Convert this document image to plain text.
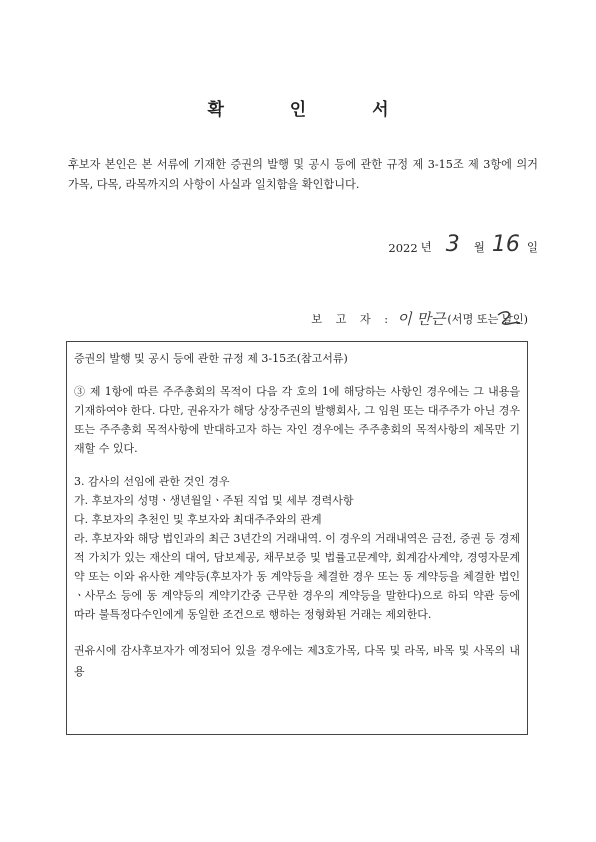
확 인 서

후보자 본인은 본 서류에 기재한 증권의 발행 및 공시 등에 관한 규정 제 3-15조 제 3항에 의거 가목, 다목, 라목까지의 사항이 사실과 일치함을 확인합니다.

2022 년 3	월 16 일
보 고 자 : 이 만근 (서명 또는 날인)

증권의 발행 및 공시 등에 관한 규정 제 3-15조(참고서류)

③ 제 1항에 따른 주주총회의 목적이 다음 각 호의 1에 해당하는 사항인 경우에는 그 내용을 기재하여야 한다. 다만, 권유자가 해당 상장주권의 발행회사, 그 임원 또는 대주주가 아닌 경우 또는 주주총회 목적사항에 반대하고자 하는 자인 경우에는 주주총회의 목적사항의 제목만 기재할 수 있다.

3. 감사의 선임에 관한 것인 경우

가. 후보자의 성명ㆍ생년월일ㆍ주된 직업 및 세부 경력사항

다. 후보자의 추천인 및 후보자와 최대주주와의 관계

라. 후보자와 해당 법인과의 최근 3년간의 거래내역. 이 경우의 거래내역은 금전, 증권 등 경제적 가치가 있는 재산의 대여, 담보제공, 채무보증 및 법률고문계약, 회계감사계약, 경영자문계약 또는 이와 유사한 계약등(후보자가 동 계약등을 체결한 경우 또는 동 계약등을 체결한 법인ㆍ사무소 등에 동 계약등의 계약기간중 근무한 경우의 계약등을 말한다)으로 하되 약관 등에 따라 불특정다수인에게 동일한 조건으로 행하는 정형화된 거래는 제외한다.

권유시에 감사후보자가 예정되어 있을 경우에는 제3호가목, 다목 및 라목, 바목 및 사목의 내용
